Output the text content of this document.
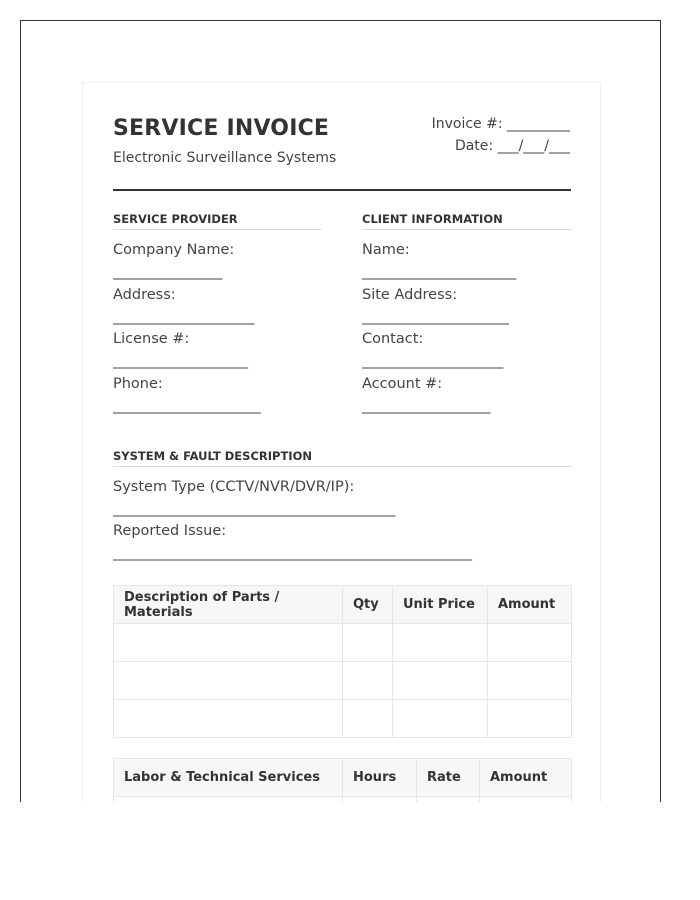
SERVICE INVOICE
Electronic Surveillance Systems
Invoice #: _________
Date: ___/___/___
SERVICE PROVIDER
Company Name:
_________________
Address:
______________________
License #:
_____________________
Phone:
_______________________
CLIENT INFORMATION
Name:
________________________
Site Address:
_______________________
Contact:
______________________
Account #:
____________________
SYSTEM & FAULT DESCRIPTION
System Type (CCTV/NVR/DVR/IP):
____________________________________________
Reported Issue:
________________________________________________________
Description of Parts / Materials	Qty	Unit Price	Amount

Labor & Technical Services	Hours	Rate	Amount
